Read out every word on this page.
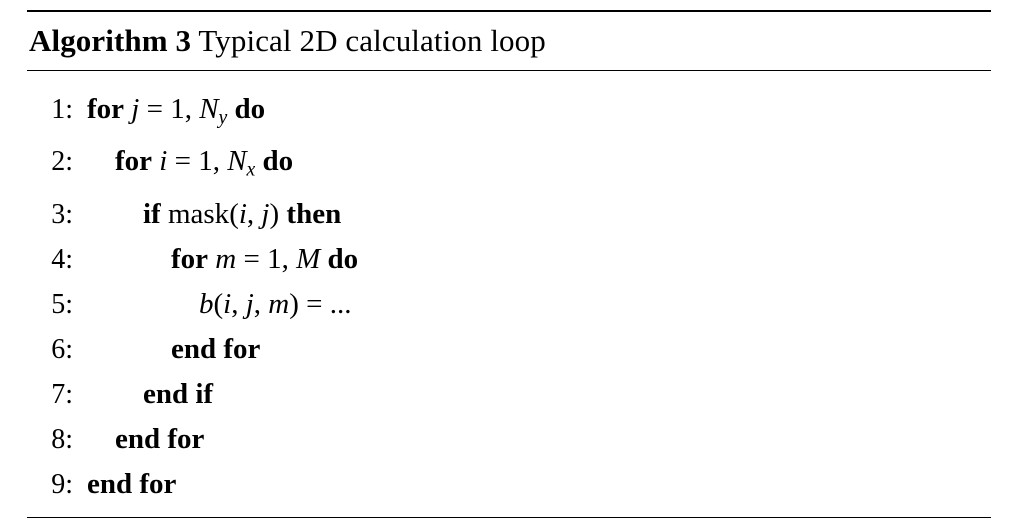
Algorithm 3 Typical 2D calculation loop
1: for j = 1, $N_y$ do
2:	for i = 1, $N_x$ do
3:	if mask(i, j) then
4:	for m = 1, M do
5:	b(i, j, m) = ...
6:	end for
7:	end if
8:	end for
9: end for
